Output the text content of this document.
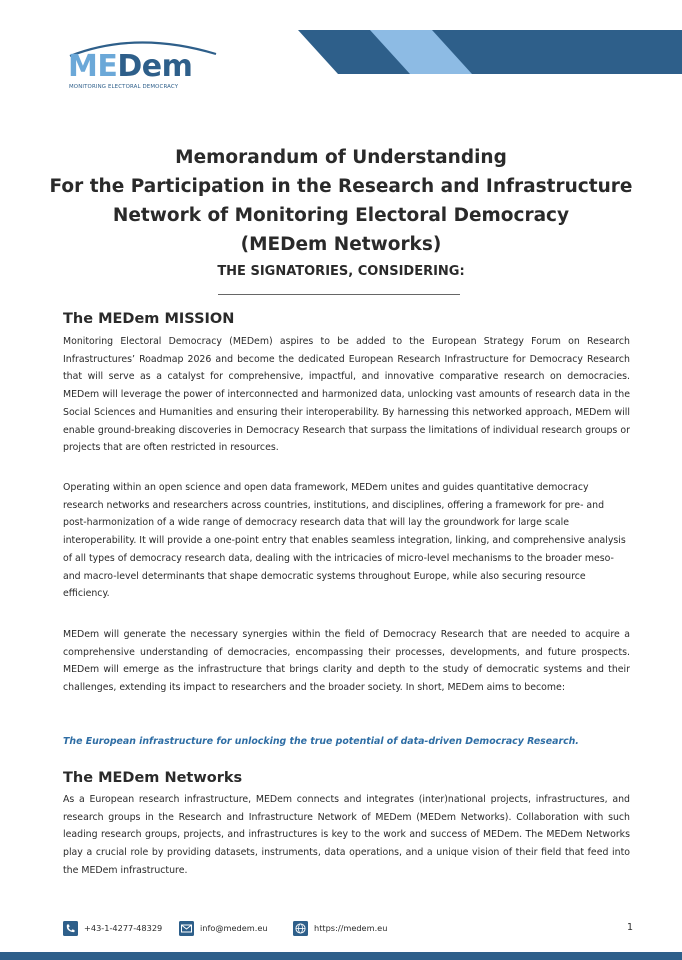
MEDem
MONITORING ELECTORAL DEMOCRACY
Memorandum of Understanding
For the Participation in the Research and Infrastructure
Network of Monitoring Electoral Democracy
(MEDem Networks)
THE SIGNATORIES, CONSIDERING:
The MEDem MISSION

Monitoring Electoral Democracy (MEDem) aspires to be added to the European Strategy Forum on Research Infrastructures’ Roadmap 2026 and become the dedicated European Research Infrastructure for Democracy Research that will serve as a catalyst for comprehensive, impactful, and innovative comparative research on democracies. MEDem will leverage the power of interconnected and harmonized data, unlocking vast amounts of research data in the Social Sciences and Humanities and ensuring their interoperability. By harnessing this networked approach, MEDem will enable ground-breaking discoveries in Democracy Research that surpass the limitations of individual research groups or projects that are often restricted in resources.

Operating within an open science and open data framework, MEDem unites and guides quantitative democracy research networks and researchers across countries, institutions, and disciplines, offering a framework for pre- and post-harmonization of a wide range of democracy research data that will lay the groundwork for large scale interoperability. It will provide a one-point entry that enables seamless integration, linking, and comprehensive analysis of all types of democracy research data, dealing with the intricacies of micro-level mechanisms to the broader meso- and macro-level determinants that shape democratic systems throughout Europe, while also securing resource efficiency.

MEDem will generate the necessary synergies within the field of Democracy Research that are needed to acquire a comprehensive understanding of democracies, encompassing their processes, developments, and future prospects. MEDem will emerge as the infrastructure that brings clarity and depth to the study of democratic systems and their challenges, extending its impact to researchers and the broader society. In short, MEDem aims to become:

The European infrastructure for unlocking the true potential of data-driven Democracy Research.
The MEDem Networks

As a European research infrastructure, MEDem connects and integrates (inter)national projects, infrastructures, and research groups in the Research and Infrastructure Network of MEDem (MEDem Networks). Collaboration with such leading research groups, projects, and infrastructures is key to the work and success of MEDem. The MEDem Networks play a crucial role by providing datasets, instruments, data operations, and a unique vision of their field that feed into the MEDem infrastructure.

+43-1-4277-48329	info@medem.eu	https://medem.eu	1
